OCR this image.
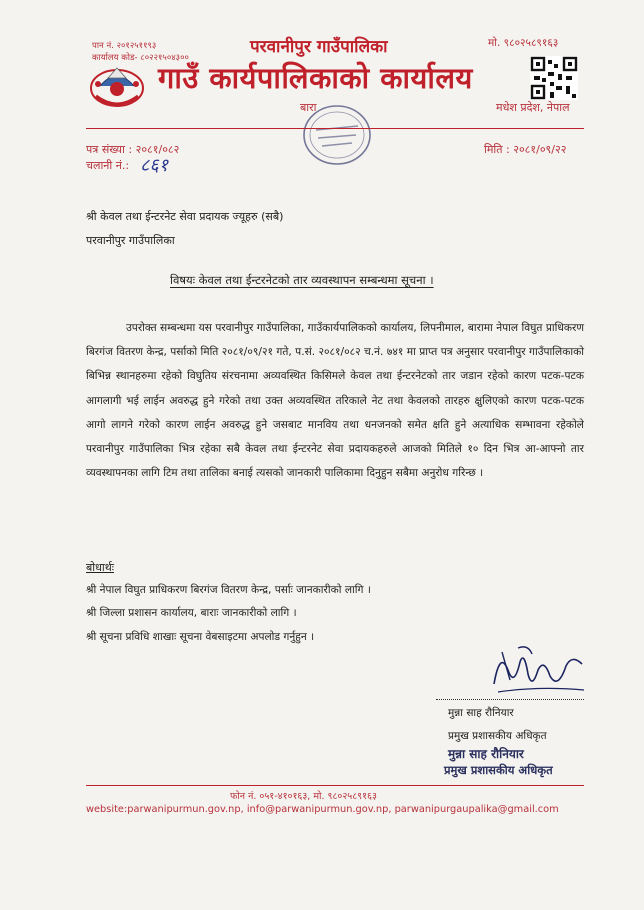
पान नं. २०१२५११९३
कार्यालय कोड- ८०२२१५०४३००
परवानीपुर गाउँपालिका
गाउँ कार्यपालिकाको कार्यालय
मो. ९८०२५८९१६३
बारा	मधेश प्रदेश, नेपाल
पत्र संख्या : २०८१/०८२
चलानी नं.: ८६१
मिति : २०८१/०९/२२
श्री केवल तथा ईन्टरनेट सेवा प्रदायक ज्यूहरु (सबै)
परवानीपुर गाउँपालिका
विषयः केवल तथा ईन्टरनेटको तार व्यवस्थापन सम्बन्धमा सूचना ।

उपरोक्त सम्बन्धमा यस परवानीपुर गाउँपालिका, गाउँकार्यपालिकको कार्यालय, लिपनीमाल, बारामा नेपाल विघुत प्राधिकरण बिरगंज वितरण केन्द्र, पर्साको मिति २०८१/०९/२१ गते, प.सं. २०८१/०८२ च.नं. ७४१ मा प्राप्त पत्र अनुसार परवानीपुर गाउँपालिकाको बिभिन्न स्थानहरुमा रहेको विघुतिय संरचनामा अव्यवस्थित किसिमले केवल तथा ईन्टरनेटको तार जडान रहेको कारण पटक-पटक आगलागी भई लाईन अवरुद्ध हुने गरेको तथा उक्त अव्यवस्थित तरिकाले नेट तथा केवलको तारहरु क्षुलिएको कारण पटक-पटक आगो लागने गरेको कारण लाईन अवरुद्ध हुने जसबाट मानविय तथा धनजनको समेत क्षति हुने अत्याधिक सम्भावना रहेकोले परवानीपुर गाउँपालिका भित्र रहेका सबै केवल तथा ईन्टरनेट सेवा प्रदायकहरुले आजको मितिले १० दिन भित्र आ-आफ्नो तार व्यवस्थापनका लागि टिम तथा तालिका बनाई त्यसको जानकारी पालिकामा दिनुहुन सबैमा अनुरोध गरिन्छ ।

बोधार्थः
श्री नेपाल विघुत प्राधिकरण बिरगंज वितरण केन्द्र, पर्साः जानकारीको लागि ।
श्री जिल्ला प्रशासन कार्यालय, बाराः जानकारीको लागि ।
श्री सूचना प्रविधि शाखाः सूचना वेबसाइटमा अपलोड गर्नुहुन ।
मुन्ना साह रौनियार
प्रमुख प्रशासकीय अधिकृत
मुन्ना साह रौनियार
प्रमुख प्रशासकीय अधिकृत
फोन नं. ०५१-४१०१६३, मो. ९८०२५८९१६३
website:parwanipurmun.gov.np, info@parwanipurmun.gov.np, parwanipurgaupalika@gmail.com
